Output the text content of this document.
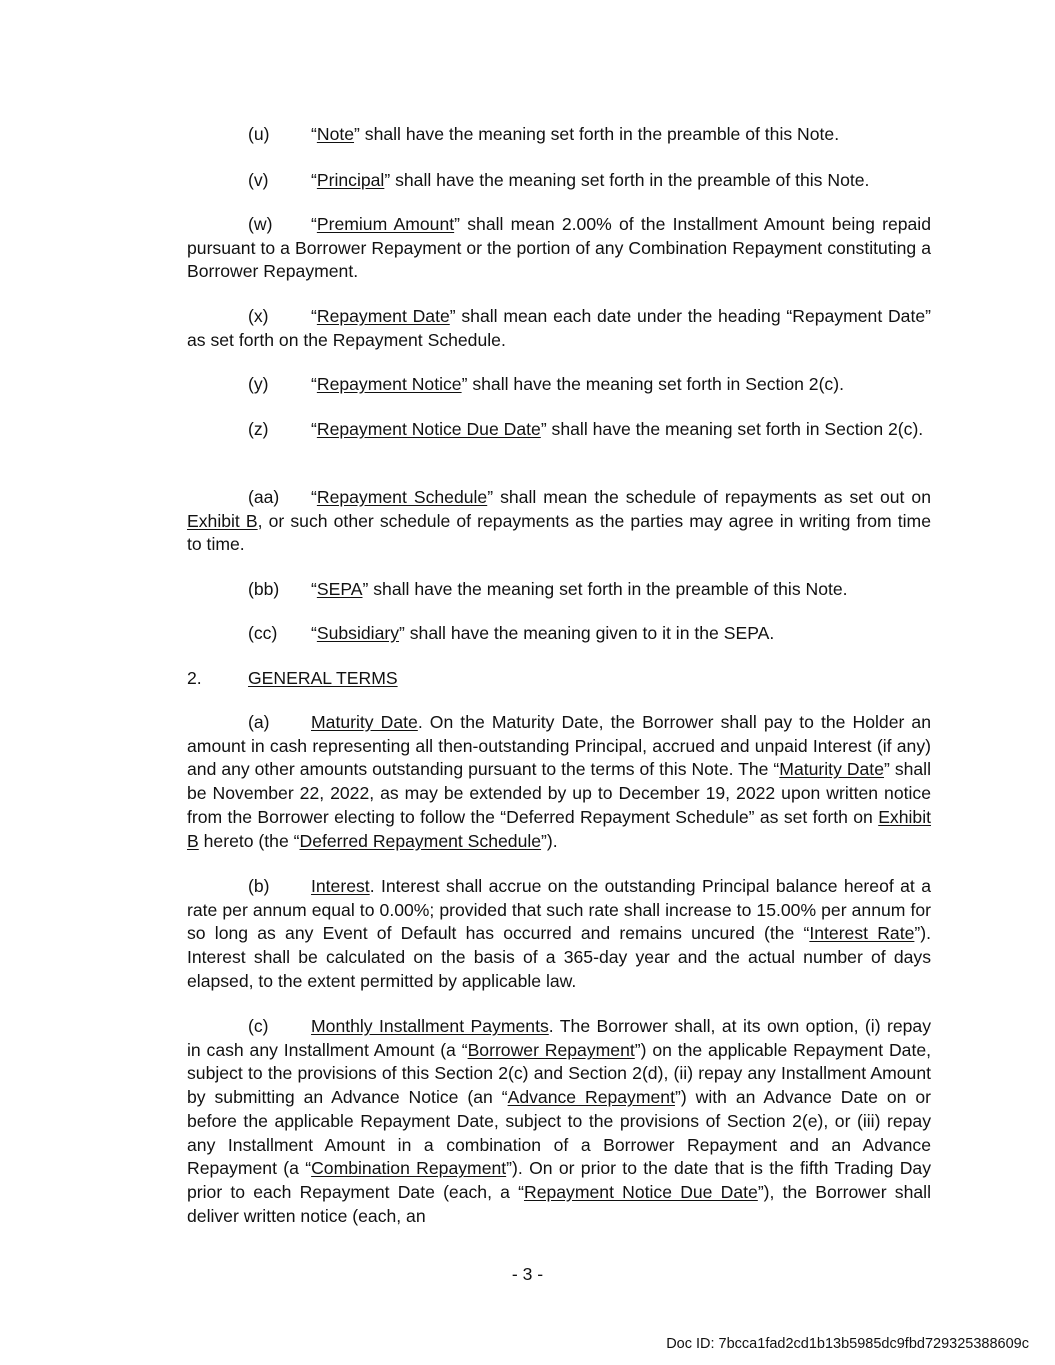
(u) “Note” shall have the meaning set forth in the preamble of this Note.
(v) “Principal” shall have the meaning set forth in the preamble of this Note.
(w) “Premium Amount” shall mean 2.00% of the Installment Amount being repaid pursuant to a Borrower Repayment or the portion of any Combination Repayment constituting a Borrower Repayment.
(x) “Repayment Date” shall mean each date under the heading “Repayment Date” as set forth on the Repayment Schedule.
(y) “Repayment Notice” shall have the meaning set forth in Section 2(c).
(z) “Repayment Notice Due Date” shall have the meaning set forth in Section 2(c).
(aa) “Repayment Schedule” shall mean the schedule of repayments as set out on Exhibit B, or such other schedule of repayments as the parties may agree in writing from time to time.
(bb) “SEPA” shall have the meaning set forth in the preamble of this Note.
(cc) “Subsidiary” shall have the meaning given to it in the SEPA.
2.	GENERAL TERMS
(a) Maturity Date. On the Maturity Date, the Borrower shall pay to the Holder an amount in cash representing all then-outstanding Principal, accrued and unpaid Interest (if any) and any other amounts outstanding pursuant to the terms of this Note. The “Maturity Date” shall be November 22, 2022, as may be extended by up to December 19, 2022 upon written notice from the Borrower electing to follow the “Deferred Repayment Schedule” as set forth on Exhibit B hereto (the “Deferred Repayment Schedule”).
(b) Interest. Interest shall accrue on the outstanding Principal balance hereof at a rate per annum equal to 0.00%; provided that such rate shall increase to 15.00% per annum for so long as any Event of Default has occurred and remains uncured (the “Interest Rate”). Interest shall be calculated on the basis of a 365-day year and the actual number of days elapsed, to the extent permitted by applicable law.
(c) Monthly Installment Payments. The Borrower shall, at its own option, (i) repay in cash any Installment Amount (a “Borrower Repayment”) on the applicable Repayment Date, subject to the provisions of this Section 2(c) and Section 2(d), (ii) repay any Installment Amount by submitting an Advance Notice (an “Advance Repayment”) with an Advance Date on or before the applicable Repayment Date, subject to the provisions of Section 2(e), or (iii) repay any Installment Amount in a combination of a Borrower Repayment and an Advance Repayment (a “Combination Repayment”). On or prior to the date that is the fifth Trading Day prior to each Repayment Date (each, a “Repayment Notice Due Date”), the Borrower shall deliver written notice (each, an
- 3 -
Doc ID: 7bcca1fad2cd1b13b5985dc9fbd729325388609c
